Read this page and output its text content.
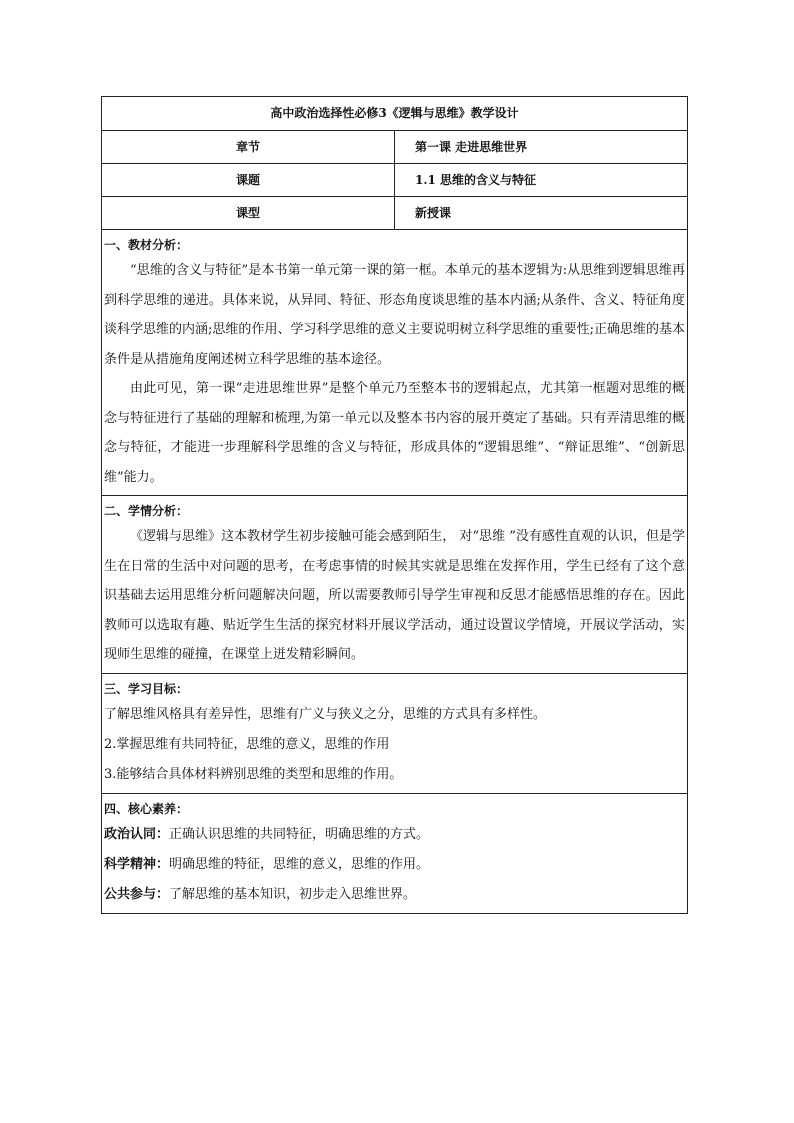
高中政治选择性必修3《逻辑与思维》教学设计	
章节	第一课 走进思维世界
课题	1.1 思维的含义与特征
课型	新授课

一、教材分析：

“思维的含义与特征”是本书第一单元第一课的第一框。本单元的基本逻辑为:从思维到逻辑思维再到科学思维的递进。具体来说，从异同、特征、形态角度谈思维的基本内涵;从条件、含义、特征角度谈科学思维的内涵;思维的作用、学习科学思维的意义主要说明树立科学思维的重要性;正确思维的基本条件是从措施角度阐述树立科学思维的基本途径。

由此可见，第一课“走进思维世界”是整个单元乃至整本书的逻辑起点，尤其第一框题对思维的概念与特征进行了基础的理解和梳理,为第一单元以及整本书内容的展开奠定了基础。只有弄清思维的概念与特征，才能进一步理解科学思维的含义与特征，形成具体的“逻辑思维”、“辩证思维”、“创新思维”能力。	

二、学情分析：

《逻辑与思维》这本教材学生初步接触可能会感到陌生， 对“思维 ”没有感性直观的认识，但是学生在日常的生活中对问题的思考，在考虑事情的时候其实就是思维在发挥作用，学生已经有了这个意识基础去运用思维分析问题解决问题，所以需要教师引导学生审视和反思才能感悟思维的存在。因此教师可以选取有趣、贴近学生生活的探究材料开展议学活动，通过设置议学情境，开展议学活动，实现师生思维的碰撞，在课堂上迸发精彩瞬间。	

三、学习目标：

了解思维风格具有差异性，思维有广义与狭义之分，思维的方式具有多样性。

2.掌握思维有共同特征，思维的意义，思维的作用

3.能够结合具体材料辨别思维的类型和思维的作用。	

四、核心素养：

政治认同：正确认识思维的共同特征，明确思维的方式。

科学精神：明确思维的特征，思维的意义，思维的作用。

公共参与：了解思维的基本知识，初步走入思维世界。	
